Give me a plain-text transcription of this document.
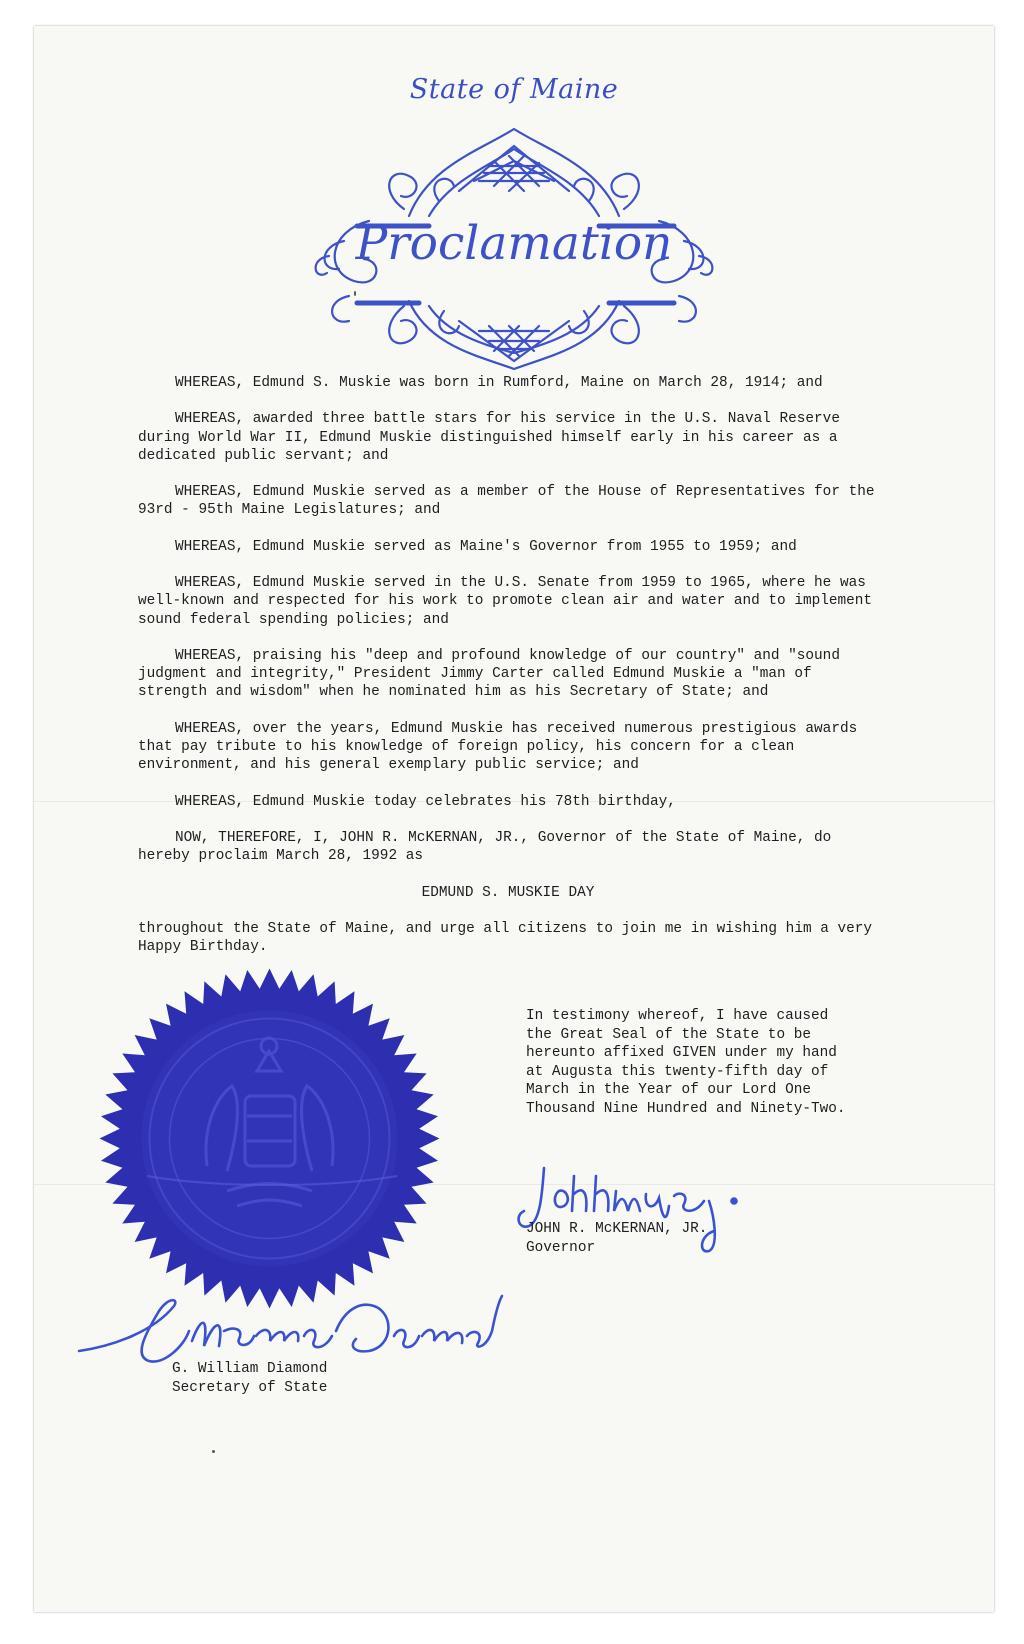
State of Maine
Proclamation

WHEREAS, Edmund S. Muskie was born in Rumford, Maine on March 28, 1914; and

WHEREAS, awarded three battle stars for his service in the U.S. Naval Reserve during World War II, Edmund Muskie distinguished himself early in his career as a dedicated public servant; and

WHEREAS, Edmund Muskie served as a member of the House of Representatives for the 93rd - 95th Maine Legislatures; and

WHEREAS, Edmund Muskie served as Maine's Governor from 1955 to 1959; and

WHEREAS, Edmund Muskie served in the U.S. Senate from 1959 to 1965, where he was well-known and respected for his work to promote clean air and water and to implement sound federal spending policies; and

WHEREAS, praising his "deep and profound knowledge of our country" and "sound judgment and integrity," President Jimmy Carter called Edmund Muskie a "man of strength and wisdom" when he nominated him as his Secretary of State; and

WHEREAS, over the years, Edmund Muskie has received numerous prestigious awards that pay tribute to his knowledge of foreign policy, his concern for a clean environment, and his general exemplary public service; and

WHEREAS, Edmund Muskie today celebrates his 78th birthday,

NOW, THEREFORE, I, JOHN R. McKERNAN, JR., Governor of the State of Maine, do hereby proclaim March 28, 1992 as

EDMUND S. MUSKIE DAY

throughout the State of Maine, and urge all citizens to join me in wishing him a very Happy Birthday.

In testimony whereof, I have caused the Great Seal of the State to be hereunto affixed GIVEN under my hand at Augusta this twenty-fifth day of March in the Year of our Lord One Thousand Nine Hundred and Ninety-Two.
JOHN R. McKERNAN, JR.
Governor
G. William Diamond
Secretary of State
